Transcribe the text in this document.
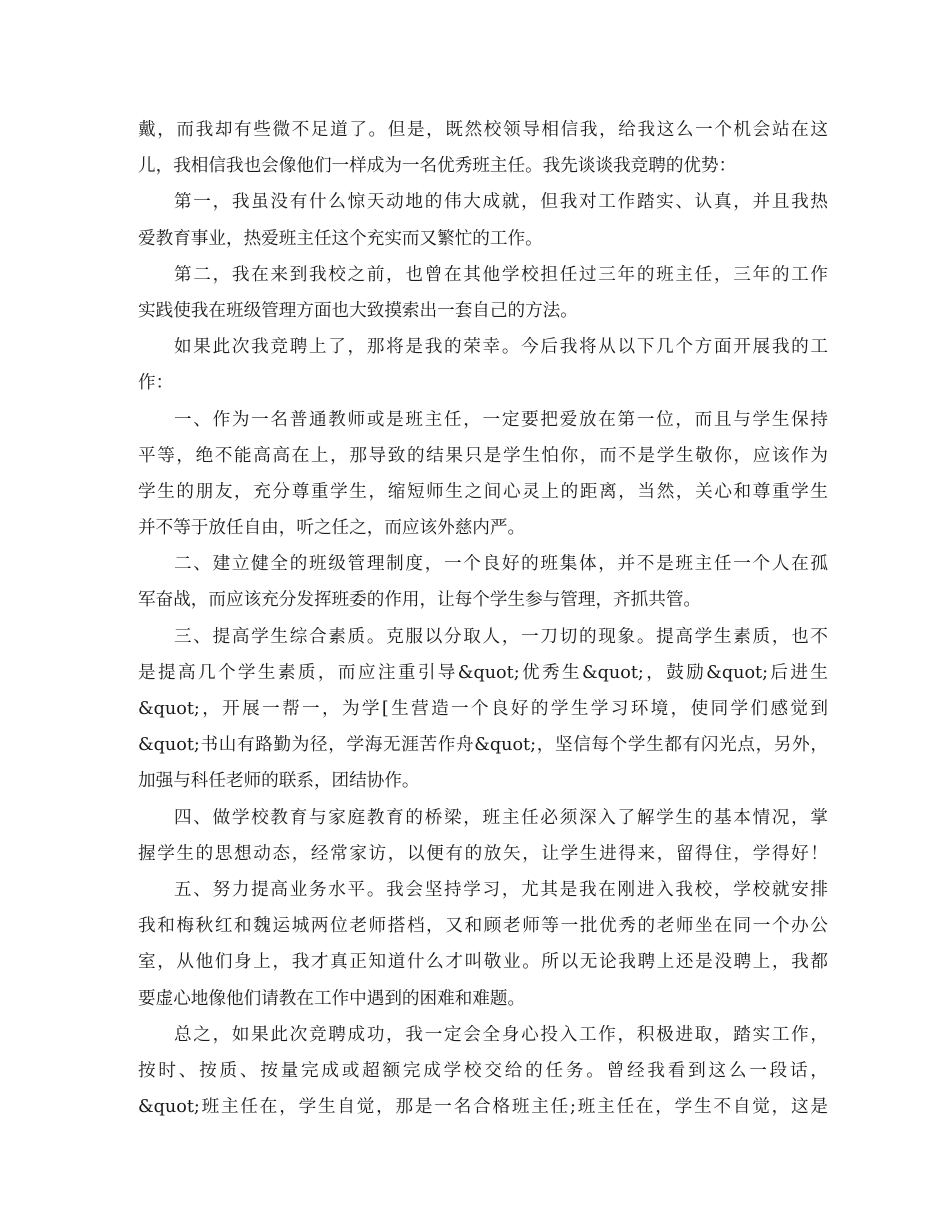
戴，而我却有些微不足道了。但是，既然校领导相信我，给我这么一个机会站在这
儿，我相信我也会像他们一样成为一名优秀班主任。我先谈谈我竞聘的优势：
第一，我虽没有什么惊天动地的伟大成就，但我对工作踏实、认真，并且我热
爱教育事业，热爱班主任这个充实而又繁忙的工作。
第二，我在来到我校之前，也曾在其他学校担任过三年的班主任，三年的工作
实践使我在班级管理方面也大致摸索出一套自己的方法。
如果此次我竞聘上了，那将是我的荣幸。今后我将从以下几个方面开展我的工
作：
一、作为一名普通教师或是班主任，一定要把爱放在第一位，而且与学生保持
平等，绝不能高高在上，那导致的结果只是学生怕你，而不是学生敬你，应该作为
学生的朋友，充分尊重学生，缩短师生之间心灵上的距离，当然，关心和尊重学生
并不等于放任自由，听之任之，而应该外慈内严。
二、建立健全的班级管理制度，一个良好的班集体，并不是班主任一个人在孤
军奋战，而应该充分发挥班委的作用，让每个学生参与管理，齐抓共管。
三、提高学生综合素质。克服以分取人，一刀切的现象。提高学生素质，也不
是提高几个学生素质，而应注重引导&quot;优秀生&quot;，鼓励&quot;后进生
&quot;，开展一帮一，为学[生营造一个良好的学生学习环境，使同学们感觉到
&quot;书山有路勤为径，学海无涯苦作舟&quot;，坚信每个学生都有闪光点，另外，
加强与科任老师的联系，团结协作。
四、做学校教育与家庭教育的桥梁，班主任必须深入了解学生的基本情况，掌
握学生的思想动态，经常家访，以便有的放矢，让学生进得来，留得住，学得好！
五、努力提高业务水平。我会坚持学习，尤其是我在刚进入我校，学校就安排
我和梅秋红和魏运城两位老师搭档，又和顾老师等一批优秀的老师坐在同一个办公
室，从他们身上，我才真正知道什么才叫敬业。所以无论我聘上还是没聘上，我都
要虚心地像他们请教在工作中遇到的困难和难题。
总之，如果此次竞聘成功，我一定会全身心投入工作，积极进取，踏实工作，
按时、按质、按量完成或超额完成学校交给的任务。曾经我看到这么一段话，
&quot;班主任在，学生自觉，那是一名合格班主任;班主任在，学生不自觉，这是
